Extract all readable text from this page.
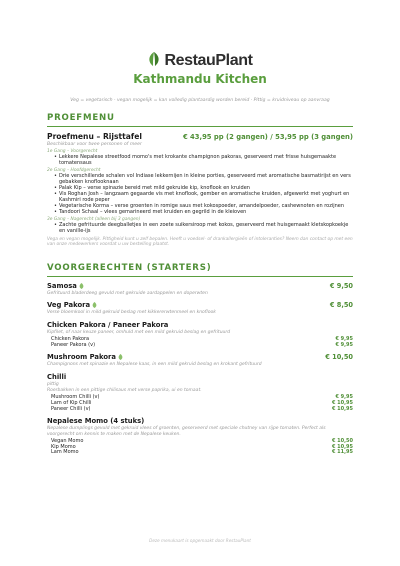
RestauPlant
Kathmandu Kitchen
Veg = vegetarisch · vegan mogelijk = kan volledig plantaardig worden bereid · Pittig = kruidniveau op aanvraag
PROEFMENU
Proefmenu – Rijsttafel	€ 43,95 pp (2 gangen) / 53,95 pp (3 gangen)
Beschikbaar voor twee personen of meer
1e Gang – Voorgerecht
• Lekkere Nepalese streetfood momo's met krokante champignon pakoras, geserveerd met frisse huisgemaakte tomatensaus
2e Gang – Hoofdgerecht
• Drie verschillende schalen vol Indiase lekkernijen in kleine porties, geserveerd met aromatische basmatirijst en vers gebakken knoflooknaan
• Palak Kip – verse spinazie bereid met mild gekruide kip, knoflook en kruiden
• Vis Roghan Josh – langzaam gegaarde vis met knoflook, gember en aromatische kruiden, afgewerkt met yoghurt en Kashmiri rode peper
• Vegetarische Korma – verse groenten in romige saus met kokospoeder, amandelpoeder, cashewnoten en rozijnen
• Tandoori Schaal – vlees gemarineerd met kruiden en gegrild in de kleioven
3e Gang – Nagerecht (alleen bij 3 gangen)
• Zachte gefrituurde deegballetjes in een zoete suikersiroop met kokos, geserveerd met huisgemaakt kletskopkoekje en vanille-ijs
Vega en vegan mogelijk. Pittigheid kunt u zelf bepalen. Heeft u voedsel- of drankallergieën of intoleranties? Neem dan contact op met een van onze medewerkers voordat u uw bestelling plaatst.
VOORGERECHTEN (STARTERS)
Samosa	€ 9,50
Gefrituurd bladerdeeg gevuld met gekruide aardappelen en doperwten
Veg Pakora	€ 8,50
Verse bloemkool in mild gekruid beslag met kikkererwtenmeel en knoflook
Chicken Pakora / Paneer Pakora
Kipfilet, of naar keuze paneer, omhuld met een mild gekruid beslag en gefrituurd
Chicken Pakora	€ 9,95
Paneer Pakora (v)	€ 9,95
Mushroom Pakora	€ 10,50
Champignons met spinazie en Nepalese kaas, in een mild gekruid beslag en krokant gefrituurd
Chilli
pittig
Roerbakken in een pittige chilisaus met verse paprika, ui en tomaat.
Mushroom Chilli (v)	€ 9,95
Lam of Kip Chilli	€ 10,95
Paneer Chilli (v)	€ 10,95
Nepalese Momo (4 stuks)
Nepalese dumplings gevuld met gekruid vlees of groenten, geserveerd met speciale chutney van rijpe tomaten. Perfect als voorgerecht om kennis te maken met de Nepalese keuken.
Vegan Momo	€ 10,50
Kip Momo	€ 10,95
Lam Momo	€ 11,95
Deze menukaart is opgemaakt door RestauPlant
